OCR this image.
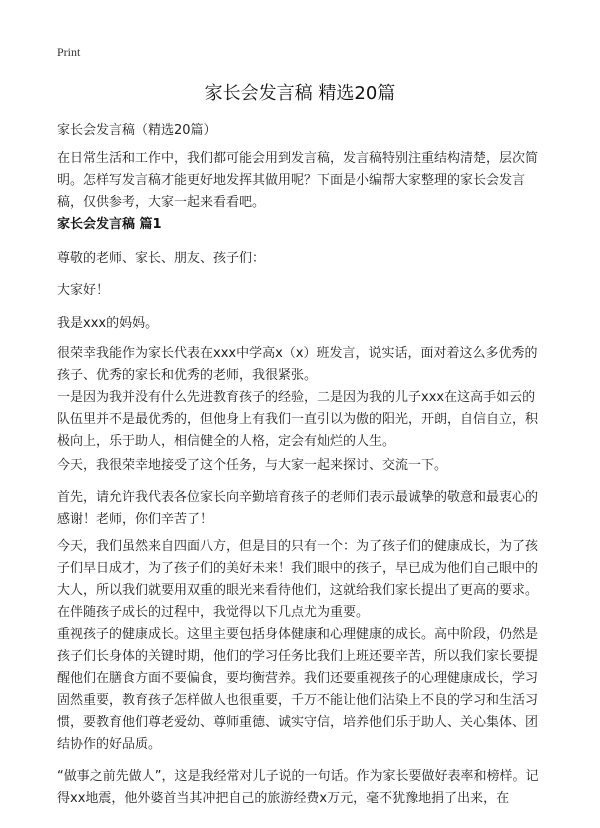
Print
家长会发言稿 精选20篇

家长会发言稿（精选20篇）

在日常生活和工作中，我们都可能会用到发言稿，发言稿特别注重结构清楚，层次简明。怎样写发言稿才能更好地发挥其做用呢？下面是小编帮大家整理的家长会发言稿，仅供参考，大家一起来看看吧。

家长会发言稿 篇1

尊敬的老师、家长、朋友、孩子们：

大家好！

我是xxx的妈妈。

很荣幸我能作为家长代表在xxx中学高x（x）班发言，说实话，面对着这么多优秀的孩子、优秀的家长和优秀的老师，我很紧张。

一是因为我并没有什么先进教育孩子的经验，二是因为我的儿子xxx在这高手如云的队伍里并不是最优秀的，但他身上有我们一直引以为傲的阳光，开朗，自信自立，积极向上，乐于助人，相信健全的人格，定会有灿烂的人生。

今天，我很荣幸地接受了这个任务，与大家一起来探讨、交流一下。

首先，请允许我代表各位家长向辛勤培育孩子的老师们表示最诚挚的敬意和最衷心的感谢！老师，你们辛苦了！

今天，我们虽然来自四面八方，但是目的只有一个：为了孩子们的健康成长，为了孩子们早日成才，为了孩子们的美好未来！我们眼中的孩子，早已成为他们自己眼中的大人，所以我们就要用双重的眼光来看待他们，这就给我们家长提出了更高的要求。在伴随孩子成长的过程中，我觉得以下几点尤为重要。

重视孩子的健康成长。这里主要包括身体健康和心理健康的成长。高中阶段，仍然是孩子们长身体的关键时期，他们的学习任务比我们上班还要辛苦，所以我们家长要提醒他们在膳食方面不要偏食，要均衡营养。我们还要重视孩子的心理健康成长，学习固然重要，教育孩子怎样做人也很重要，千万不能让他们沾染上不良的学习和生活习惯，要教育他们尊老爱幼、尊师重德、诚实守信，培养他们乐于助人、关心集体、团结协作的好品质。

“做事之前先做人”，这是我经常对儿子说的一句话。作为家长要做好表率和榜样。记得xx地震，他外婆首当其冲把自己的旅游经费x万元，毫不犹豫地捐了出来，在
